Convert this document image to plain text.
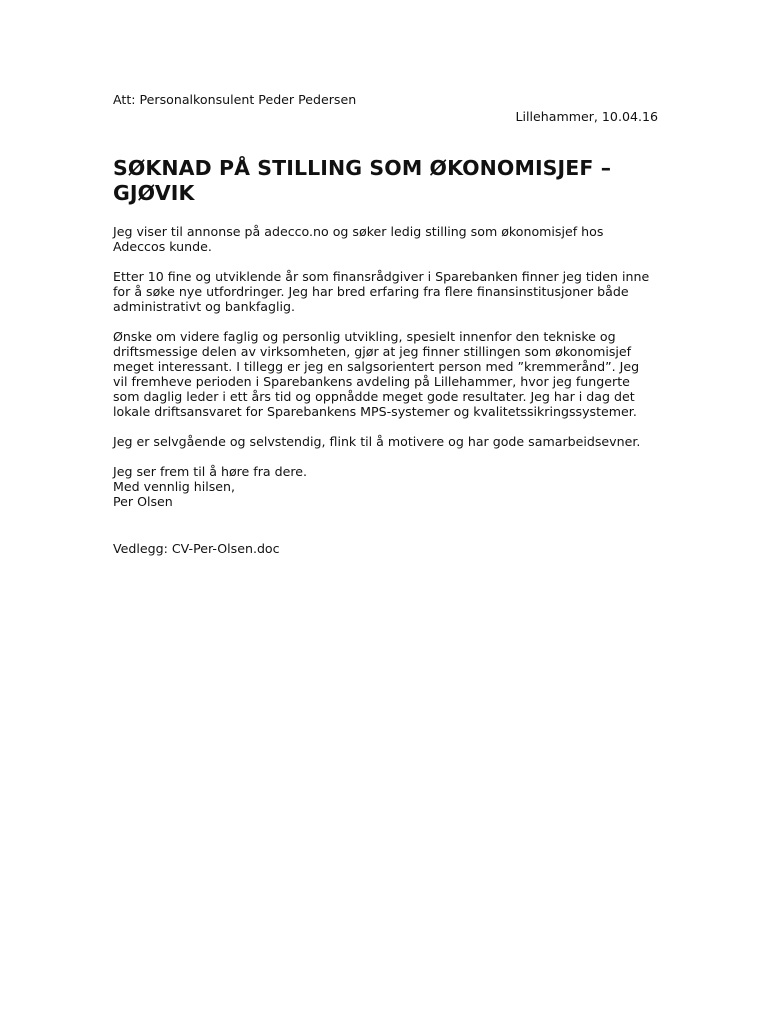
Att: Personalkonsulent Peder Pedersen

Lillehammer, 10.04.16

SØKNAD PÅ STILLING SOM ØKONOMISJEF –
GJØVIK

Jeg viser til annonse på adecco.no og søker ledig stilling som økonomisjef hos

Adeccos kunde.

Etter 10 fine og utviklende år som finansrådgiver i Sparebanken finner jeg tiden inne

for å søke nye utfordringer. Jeg har bred erfaring fra flere finansinstitusjoner både

administrativt og bankfaglig.

Ønske om videre faglig og personlig utvikling, spesielt innenfor den tekniske og

driftsmessige delen av virksomheten, gjør at jeg finner stillingen som økonomisjef

meget interessant. I tillegg er jeg en salgsorientert person med ”kremmerånd”. Jeg

vil fremheve perioden i Sparebankens avdeling på Lillehammer, hvor jeg fungerte

som daglig leder i ett års tid og oppnådde meget gode resultater. Jeg har i dag det

lokale driftsansvaret for Sparebankens MPS-systemer og kvalitetssikringssystemer.

Jeg er selvgående og selvstendig, flink til å motivere og har gode samarbeidsevner.

Jeg ser frem til å høre fra dere.

Med vennlig hilsen,

Per Olsen

Vedlegg: CV-Per-Olsen.doc
